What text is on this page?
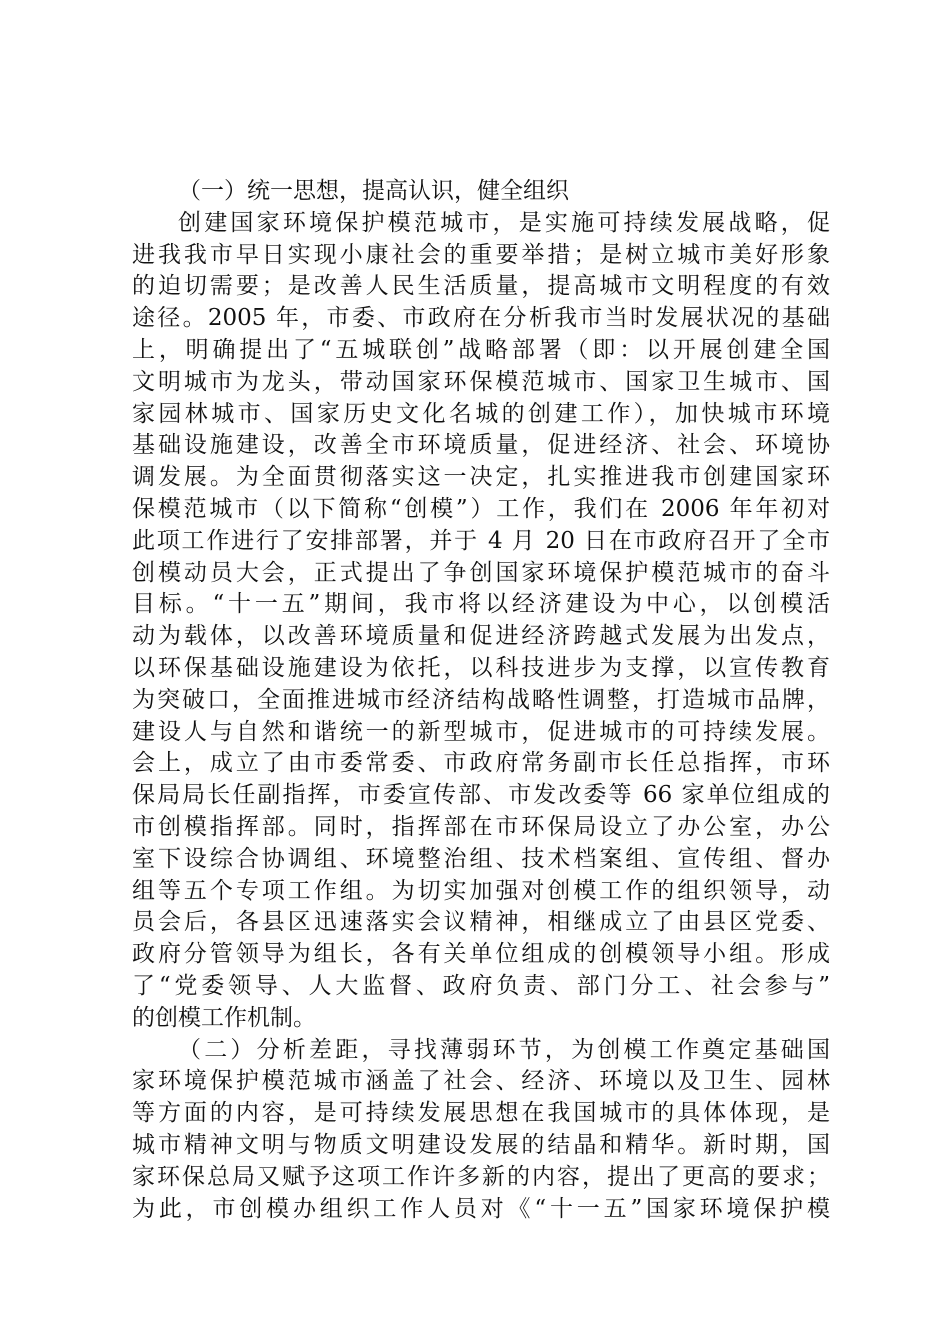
（一）统一思想，提高认识，健全组织
创建国家环境保护模范城市，是实施可持续发展战略，促
进我我市早日实现小康社会的重要举措；是树立城市美好形象
的迫切需要；是改善人民生活质量，提高城市文明程度的有效
途径。2005 年，市委、市政府在分析我市当时发展状况的基础
上，明确提出了“五城联创”战略部署（即：以开展创建全国
文明城市为龙头，带动国家环保模范城市、国家卫生城市、国
家园林城市、国家历史文化名城的创建工作），加快城市环境
基础设施建设，改善全市环境质量，促进经济、社会、环境协
调发展。为全面贯彻落实这一决定，扎实推进我市创建国家环
保模范城市（以下简称“创模”）工作，我们在 2006 年年初对
此项工作进行了安排部署，并于 4 月 20 日在市政府召开了全市
创模动员大会，正式提出了争创国家环境保护模范城市的奋斗
目标。“十一五”期间，我市将以经济建设为中心，以创模活
动为载体，以改善环境质量和促进经济跨越式发展为出发点，
以环保基础设施建设为依托，以科技进步为支撑，以宣传教育
为突破口，全面推进城市经济结构战略性调整，打造城市品牌，
建设人与自然和谐统一的新型城市，促进城市的可持续发展。
会上，成立了由市委常委、市政府常务副市长任总指挥，市环
保局局长任副指挥，市委宣传部、市发改委等 66 家单位组成的
市创模指挥部。同时，指挥部在市环保局设立了办公室，办公
室下设综合协调组、环境整治组、技术档案组、宣传组、督办
组等五个专项工作组。为切实加强对创模工作的组织领导，动
员会后，各县区迅速落实会议精神，相继成立了由县区党委、
政府分管领导为组长，各有关单位组成的创模领导小组。形成
了“党委领导、人大监督、政府负责、部门分工、社会参与”
的创模工作机制。
（二）分析差距，寻找薄弱环节，为创模工作奠定基础国
家环境保护模范城市涵盖了社会、经济、环境以及卫生、园林
等方面的内容，是可持续发展思想在我国城市的具体体现，是
城市精神文明与物质文明建设发展的结晶和精华。新时期，国
家环保总局又赋予这项工作许多新的内容，提出了更高的要求；
为此，市创模办组织工作人员对《“十一五”国家环境保护模
